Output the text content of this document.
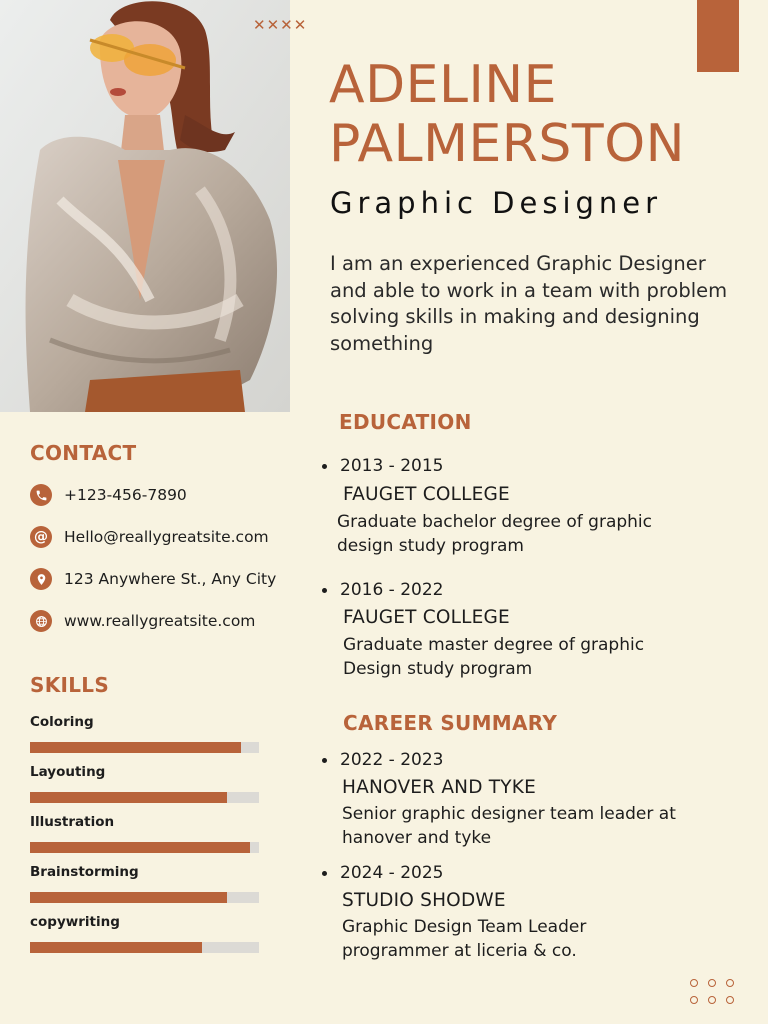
✕✕✕✕
ADELINE
PALMERSTON
Graphic Designer
I am an experienced Graphic Designer and able to work in a team with problem solving skills in making and designing something
CONTACT
+123-456-7890
@ Hello@reallygreatsite.com
123 Anywhere St., Any City
www.reallygreatsite.com
SKILLS
Coloring
Layouting
Illustration
Brainstorming
copywriting
EDUCATION
2013 - 2015
FAUGET COLLEGE
Graduate bachelor degree of graphic
design study program
2016 - 2022
FAUGET COLLEGE
Graduate master degree of graphic
Design study program
CAREER SUMMARY
2022 - 2023
HANOVER AND TYKE
Senior graphic designer team leader at
hanover and tyke
2024 - 2025
STUDIO SHODWE
Graphic Design Team Leader
programmer at liceria & co.
